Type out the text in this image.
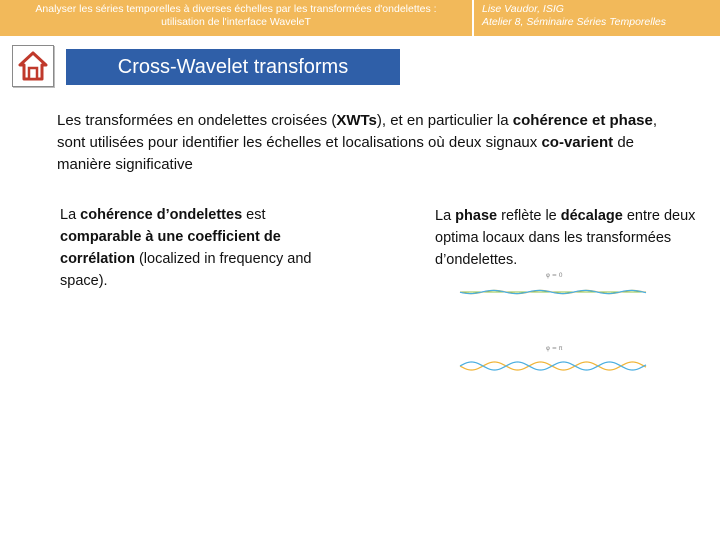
Analyser les séries temporelles à diverses échelles par les transformées d'ondelettes :
utilisation de l'interface WaveleT
Lise Vaudor, ISIG
Atelier 8, Séminaire Séries Temporelles
Cross-Wavelet transforms
Les transformées en ondelettes croisées (XWTs), et en particulier la cohérence et phase, sont utilisées pour identifier les échelles et localisations où deux signaux co-varient de manière significative
La cohérence d’ondelettes est comparable à une coefficient de corrélation (localized in frequency and space).
La phase reflète le décalage entre deux optima locaux dans les transformées d’ondelettes.
φ = 0
φ = π
